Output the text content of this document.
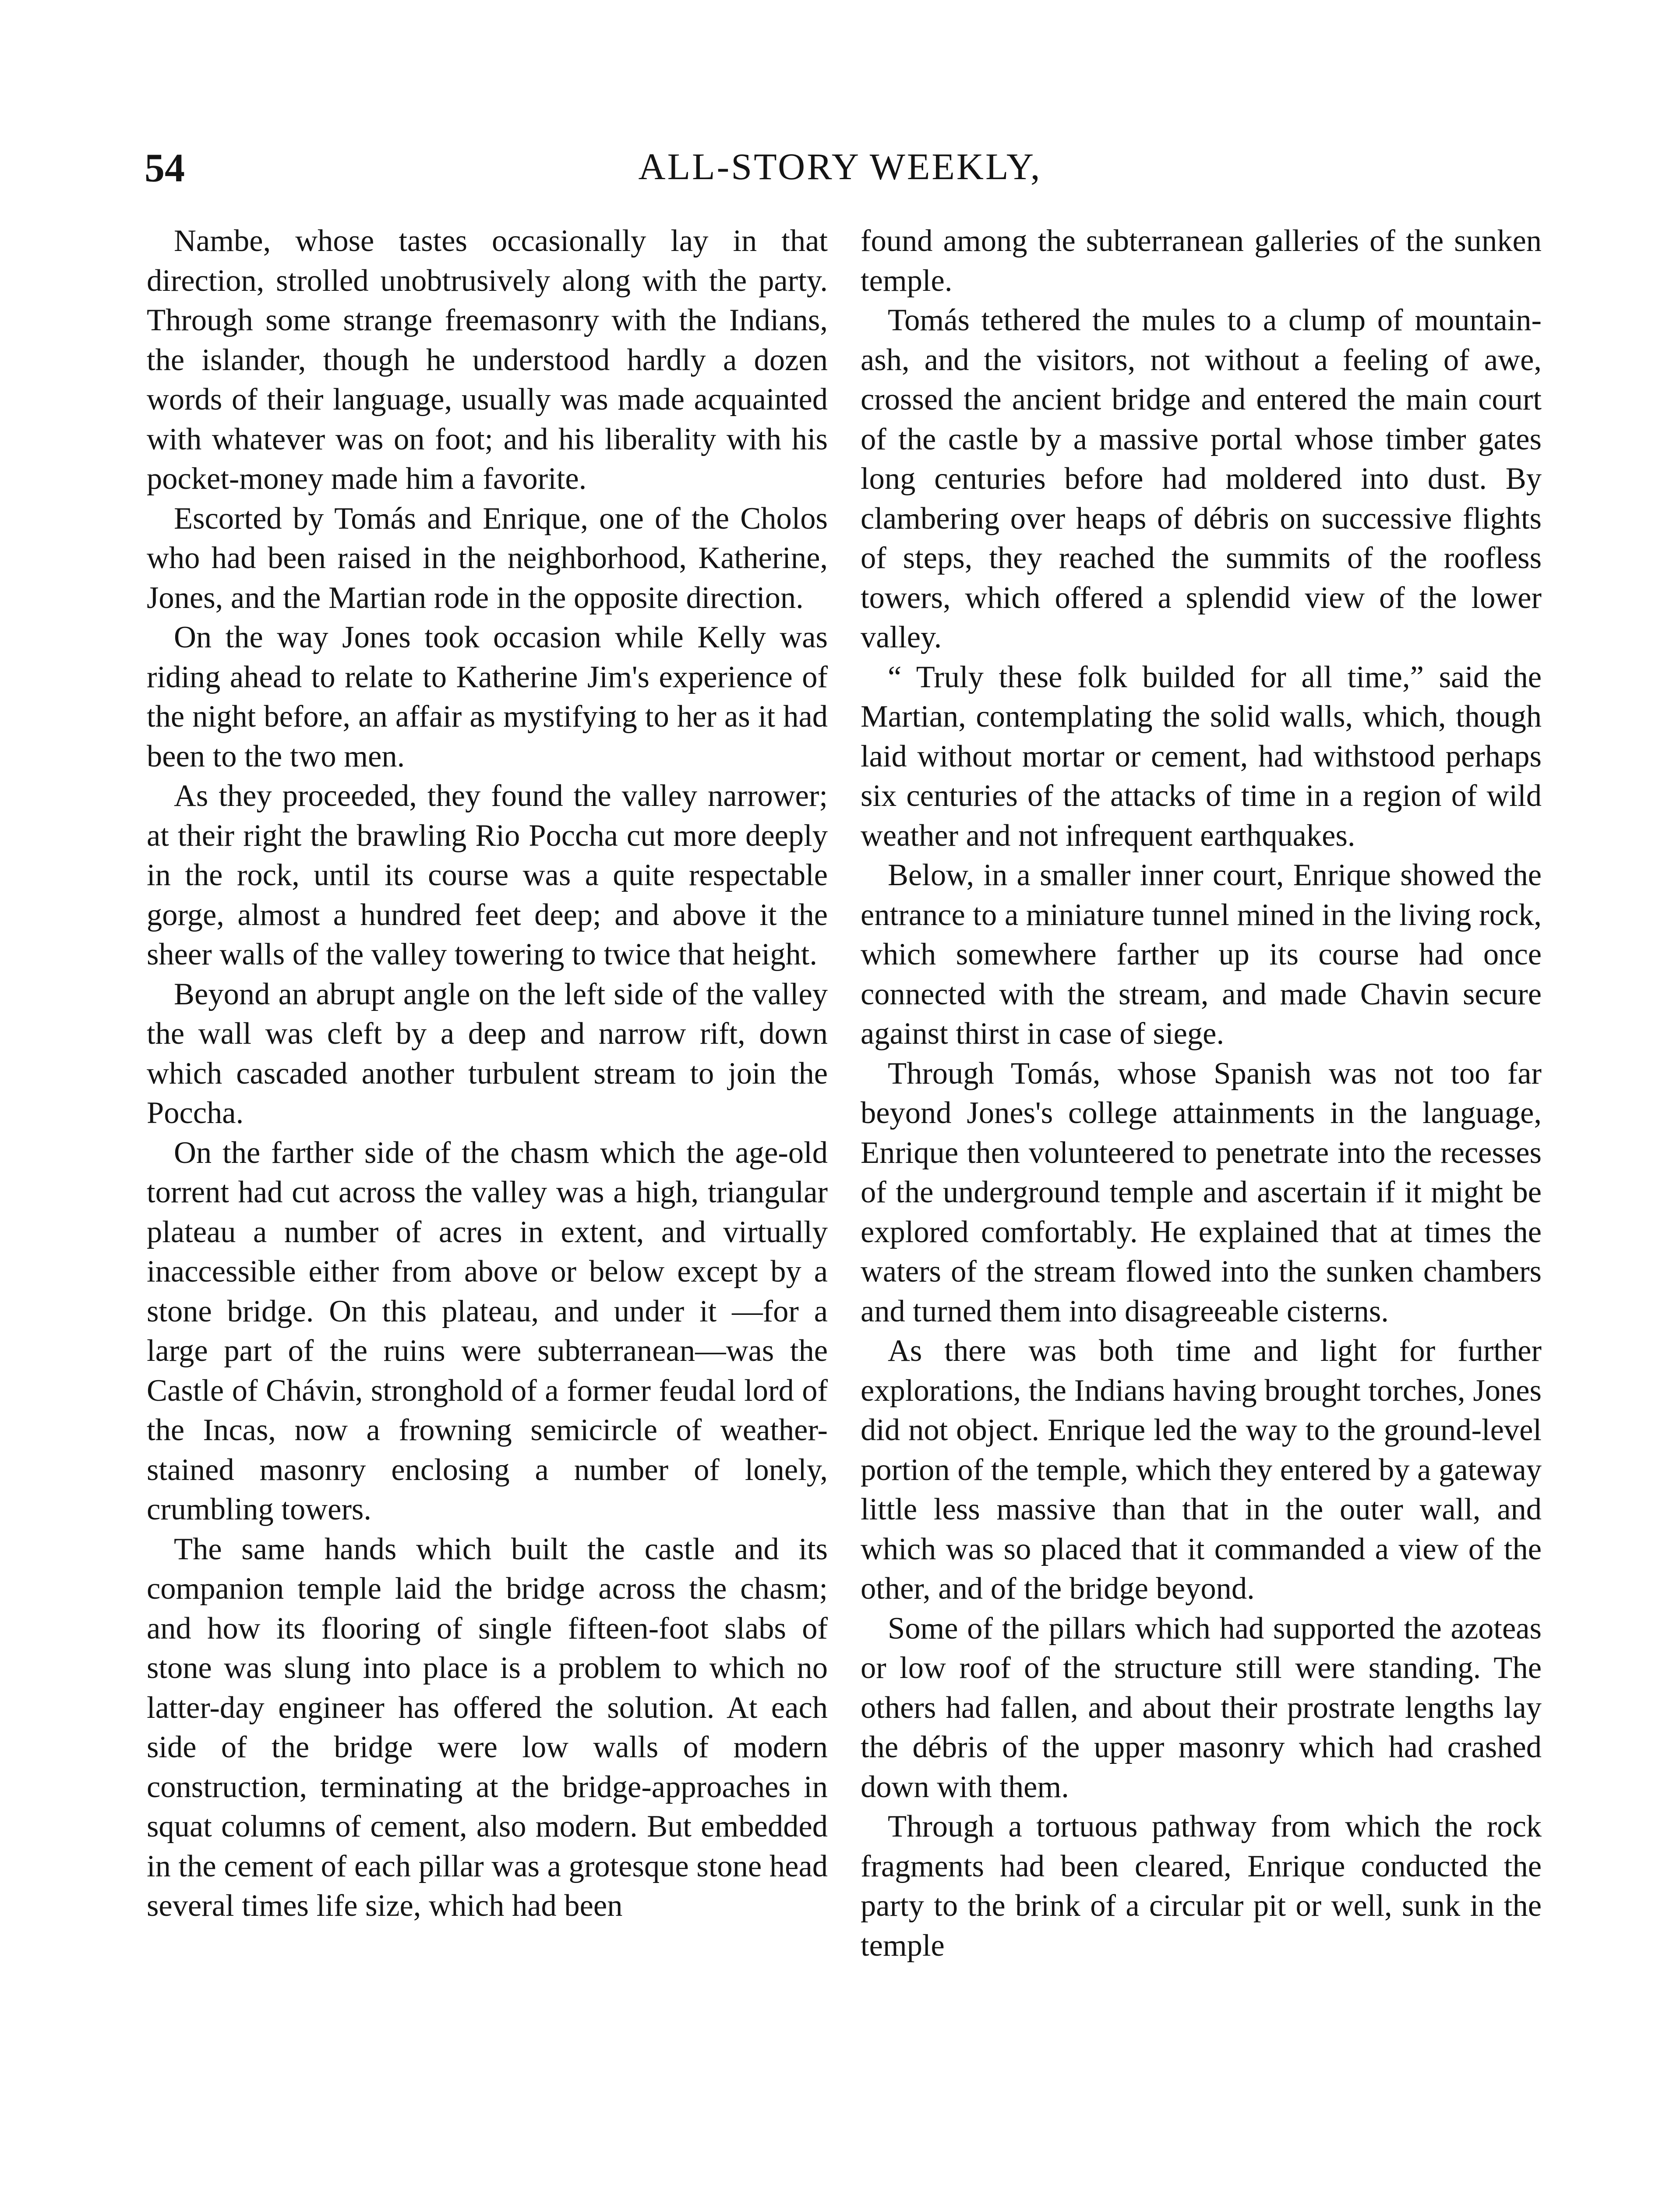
54	ALL-STORY WEEKLY,

Nambe, whose tastes occasionally lay in that direction, strolled unobtrusively along with the party. Through some strange freemasonry with the Indians, the islander, though he understood hardly a dozen words of their language, usually was made acquainted with whatever was on foot; and his liberality with his pocket-money made him a favorite.

Escorted by Tomás and Enrique, one of the Cholos who had been raised in the neighborhood, Katherine, Jones, and the Martian rode in the opposite direction.

On the way Jones took occasion while Kelly was riding ahead to relate to Katherine Jim's experience of the night before, an affair as mystifying to her as it had been to the two men.

As they proceeded, they found the valley narrower; at their right the brawling Rio Poccha cut more deeply in the rock, until its course was a quite respectable gorge, almost a hundred feet deep; and above it the sheer walls of the valley towering to twice that height.

Beyond an abrupt angle on the left side of the valley the wall was cleft by a deep and narrow rift, down which cascaded another turbulent stream to join the Poccha.

On the farther side of the chasm which the age-old torrent had cut across the valley was a high, triangular plateau a number of acres in extent, and virtually inaccessible either from above or below except by a stone bridge. On this plateau, and under it —for a large part of the ruins were subterranean—was the Castle of Chávin, stronghold of a former feudal lord of the Incas, now a frowning semicircle of weather-stained masonry enclosing a number of lonely, crumbling towers.

The same hands which built the castle and its companion temple laid the bridge across the chasm; and how its flooring of single fifteen-foot slabs of stone was slung into place is a problem to which no latter-day engineer has offered the solution. At each side of the bridge were low walls of modern construction, terminating at the bridge-approaches in squat columns of cement, also modern. But embedded in the cement of each pillar was a grotesque stone head several times life size, which had been

found among the subterranean galleries of the sunken temple.

Tomás tethered the mules to a clump of mountain-ash, and the visitors, not without a feeling of awe, crossed the ancient bridge and entered the main court of the castle by a massive portal whose timber gates long centuries before had moldered into dust. By clambering over heaps of débris on successive flights of steps, they reached the summits of the roofless towers, which offered a splendid view of the lower valley.

“ Truly these folk builded for all time,” said the Martian, contemplating the solid walls, which, though laid without mortar or cement, had withstood perhaps six centuries of the attacks of time in a region of wild weather and not infrequent earthquakes.

Below, in a smaller inner court, Enrique showed the entrance to a miniature tunnel mined in the living rock, which somewhere farther up its course had once connected with the stream, and made Chavin secure against thirst in case of siege.

Through Tomás, whose Spanish was not too far beyond Jones's college attainments in the language, Enrique then volunteered to penetrate into the recesses of the underground temple and ascertain if it might be explored comfortably. He explained that at times the waters of the stream flowed into the sunken chambers and turned them into disagreeable cisterns.

As there was both time and light for further explorations, the Indians having brought torches, Jones did not object. Enrique led the way to the ground-level portion of the temple, which they entered by a gateway little less massive than that in the outer wall, and which was so placed that it commanded a view of the other, and of the bridge beyond.

Some of the pillars which had supported the azoteas or low roof of the structure still were standing. The others had fallen, and about their prostrate lengths lay the débris of the upper masonry which had crashed down with them.

Through a tortuous pathway from which the rock fragments had been cleared, Enrique conducted the party to the brink of a circular pit or well, sunk in the temple
